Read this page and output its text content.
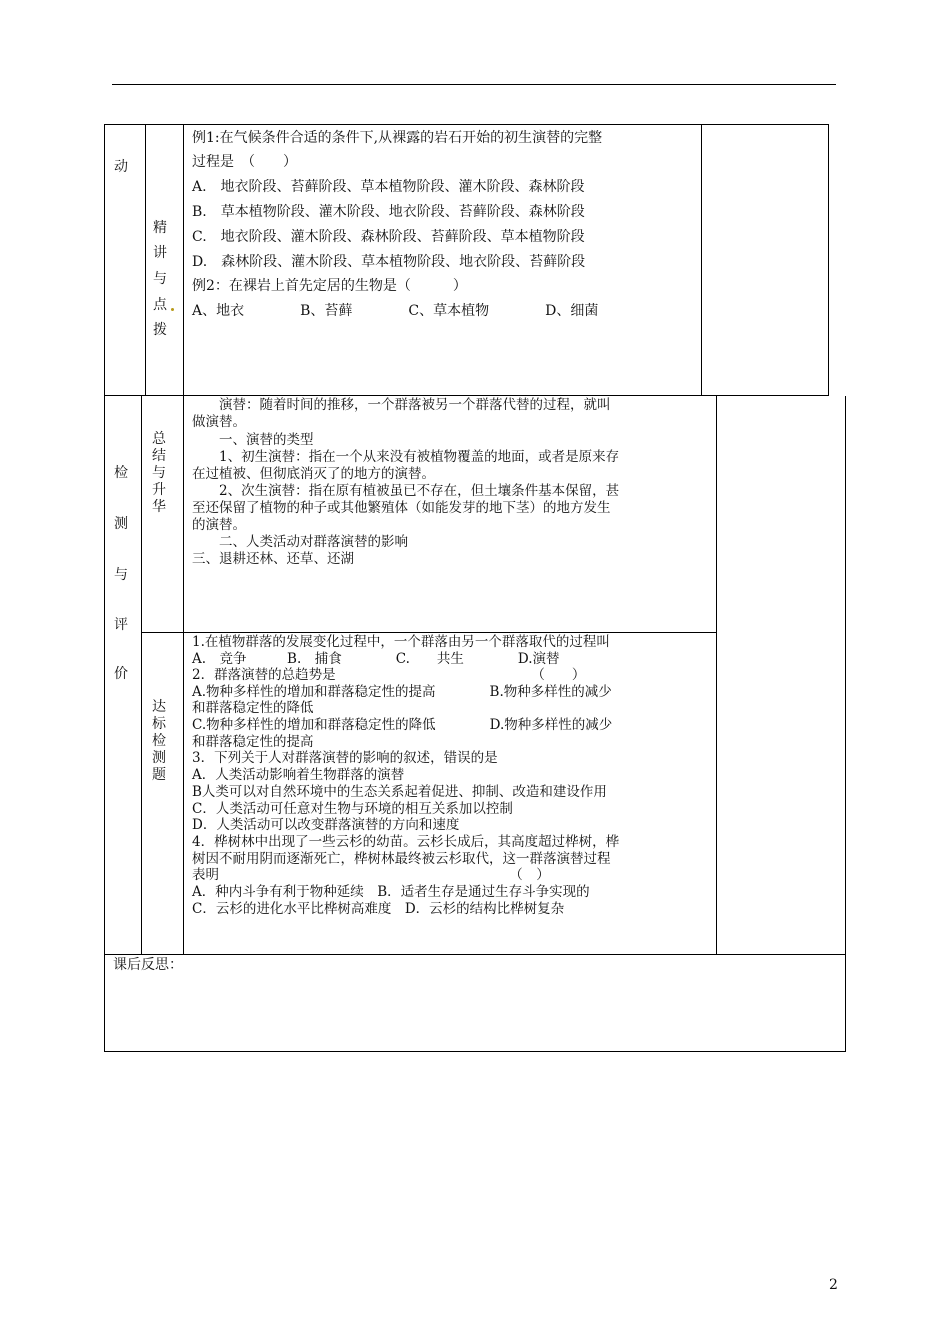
动
精
讲
与
点
拨
例1:在气候条件合适的条件下,从裸露的岩石开始的初生演替的完整
过程是　（　　）
A.　地衣阶段、苔藓阶段、草本植物阶段、灌木阶段、森林阶段
B.　草本植物阶段、灌木阶段、地衣阶段、苔藓阶段、森林阶段
C.　地衣阶段、灌木阶段、森林阶段、苔藓阶段、草本植物阶段
D.　森林阶段、灌木阶段、草本植物阶段、地衣阶段、苔藓阶段
例2：在裸岩上首先定居的生物是（　　　）
A、地衣　　　　B、苔藓　　　　C、草本植物　　　　D、细菌
检
测
与
评
价
总
结
与
升
华
　　演替：随着时间的推移，一个群落被另一个群落代替的过程，就叫
做演替。
　　一、演替的类型
　　1、初生演替：指在一个从来没有被植物覆盖的地面，或者是原来存
在过植被、但彻底消灭了的地方的演替。
　　2、次生演替：指在原有植被虽已不存在，但土壤条件基本保留，甚
至还保留了植物的种子或其他繁殖体（如能发芽的地下茎）的地方发生
的演替。
　　二、人类活动对群落演替的影响
三、退耕还林、还草、还湖
达
标
检
测
题
1.在植物群落的发展变化过程中，一个群落由另一个群落取代的过程叫
A.　竞争　　　B.　捕食　　　　C.　　共生　　　　D.演替
2．群落演替的总趋势是　　　　　　　　　　　　　　　（　　）
A.物种多样性的增加和群落稳定性的提高　　　　B.物种多样性的减少
和群落稳定性的降低
C.物种多样性的增加和群落稳定性的降低　　　　D.物种多样性的减少
和群落稳定性的提高
3．下列关于人对群落演替的影响的叙述，错误的是
A．人类活动影响着生物群落的演替
B人类可以对自然环境中的生态关系起着促进、抑制、改造和建设作用
C．人类活动可任意对生物与环境的相互关系加以控制
D．人类活动可以改变群落演替的方向和速度
4．桦树林中出现了一些云杉的幼苗。云杉长成后，其高度超过桦树，桦
树因不耐用阴而逐渐死亡，桦树林最终被云杉取代，这一群落演替过程
表明　　　　　　　　　　　　　　　　　　　　　　（　）
A．种内斗争有利于物种延续　B．适者生存是通过生存斗争实现的
C．云杉的进化水平比桦树高难度　D．云杉的结构比桦树复杂
课后反思：
2
